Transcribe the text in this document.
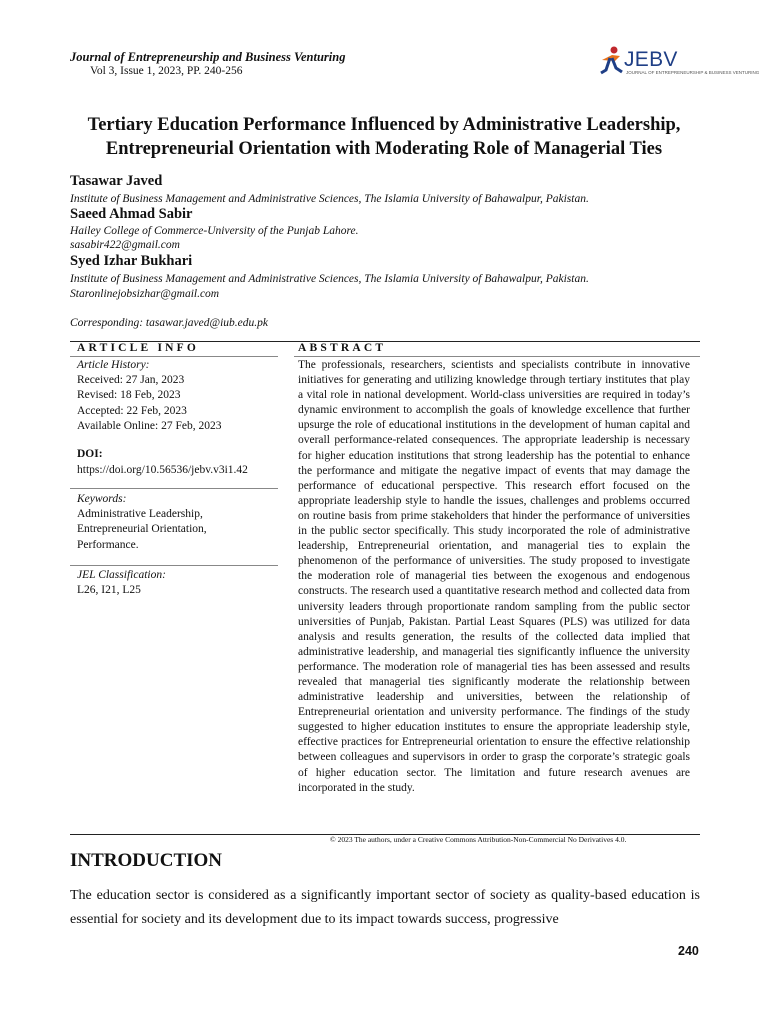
Journal of Entrepreneurship and Business Venturing
Vol 3, Issue 1, 2023, PP. 240-256	JEBV
JOURNAL OF ENTREPRENEURSHIP & BUSINESS VENTURING
Tertiary Education Performance Influenced by Administrative Leadership,
Entrepreneurial Orientation with Moderating Role of Managerial Ties
Tasawar Javed
Institute of Business Management and Administrative Sciences, The Islamia University of Bahawalpur, Pakistan.
Saeed Ahmad Sabir
Hailey College of Commerce-University of the Punjab Lahore.
sasabir422@gmail.com
Syed Izhar Bukhari
Institute of Business Management and Administrative Sciences, The Islamia University of Bahawalpur, Pakistan.
Staronlinejobsizhar@gmail.com
Corresponding: tasawar.javed@iub.edu.pk
ARTICLE INFO	ABSTRACT
Article History:
Received: 27 Jan, 2023
Revised: 18 Feb, 2023
Accepted: 22 Feb, 2023
Available Online: 27 Feb, 2023
DOI:
https://doi.org/10.56536/jebv.v3i1.42
Keywords:
Administrative Leadership,
Entrepreneurial Orientation,
Performance.
JEL Classification:
L26, I21, L25
The professionals, researchers, scientists and specialists contribute in innovative initiatives for generating and utilizing knowledge through tertiary institutes that play a vital role in national development. World-class universities are required in today’s dynamic environment to accomplish the goals of knowledge excellence that further upsurge the role of educational institutions in the development of human capital and overall performance-related consequences. The appropriate leadership is necessary for higher education institutions that strong leadership has the potential to enhance the performance and mitigate the negative impact of events that may damage the performance of educational perspective. This research effort focused on the appropriate leadership style to handle the issues, challenges and problems occurred on routine basis from prime stakeholders that hinder the performance of universities in the public sector specifically. This study incorporated the role of administrative leadership, Entrepreneurial orientation, and managerial ties to explain the phenomenon of the performance of universities. The study proposed to investigate the moderation role of managerial ties between the exogenous and endogenous constructs. The research used a quantitative research method and collected data from university leaders through proportionate random sampling from the public sector universities of Punjab, Pakistan. Partial Least Squares (PLS) was utilized for data analysis and results generation, the results of the collected data implied that administrative leadership, and managerial ties significantly influence the university performance. The moderation role of managerial ties has been assessed and results revealed that managerial ties significantly moderate the relationship between administrative leadership and universities, between the relationship of Entrepreneurial orientation and university performance. The findings of the study suggested to higher education institutes to ensure the appropriate leadership style, effective practices for Entrepreneurial orientation to ensure the effective relationship between colleagues and supervisors in order to grasp the corporate’s strategic goals of higher education sector. The limitation and future research avenues are incorporated in the study.
© 2023 The authors, under a Creative Commons Attribution-Non-Commercial No Derivatives 4.0.
INTRODUCTION
The education sector is considered as a significantly important sector of society as quality-based education is essential for society and its development due to its impact towards success, progressive
240
